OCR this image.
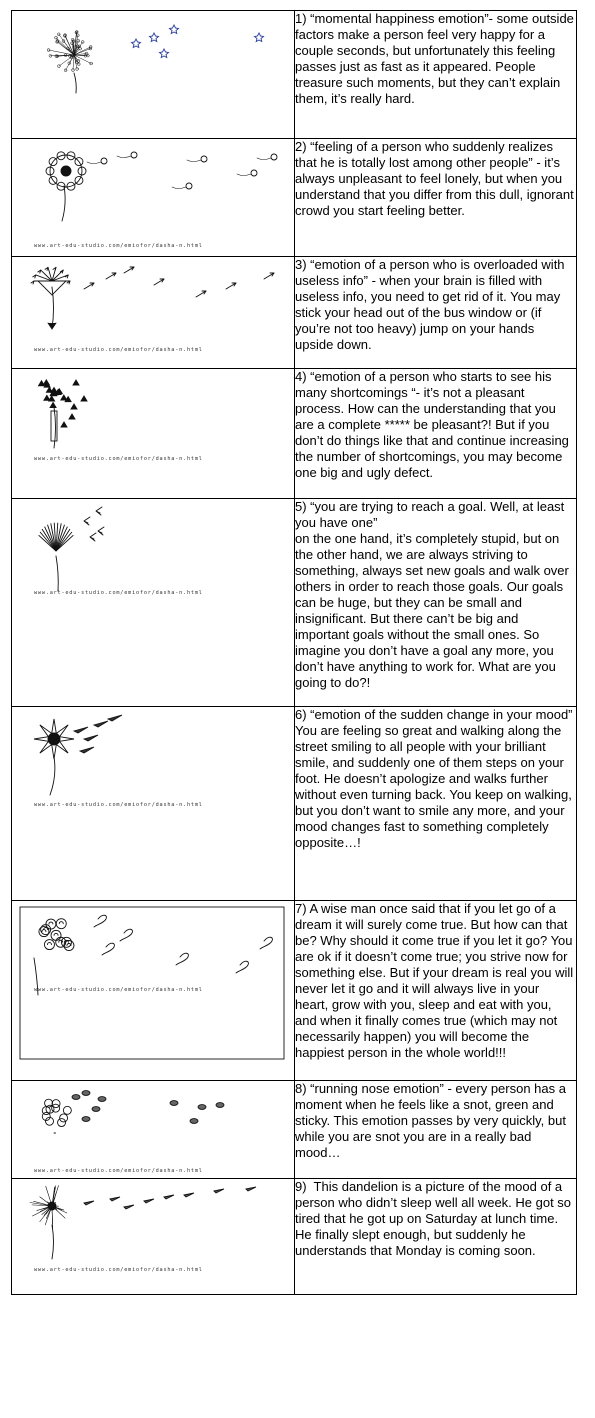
1) “momental happiness emotion”- some outside factors make a person feel very happy for a couple seconds, but unfortunately this feeling passes just as fast as it appeared. People treasure such moments, but they can’t explain them, it’s really hard.

www.art-edu-studio.com/emiofor/dasha-n.html	2) “feeling of a person who suddenly realizes that he is totally lost among other people” - it’s always unpleasant to feel lonely, but when you understand that you differ from this dull, ignorant crowd you start feeling better.

www.art-edu-studio.com/emiofor/dasha-n.html	3) “emotion of a person who is overloaded with useless info” - when your brain is filled with useless info, you need to get rid of it. You may stick your head out of the bus window or (if you’re not too heavy) jump on your hands upside down.

www.art-edu-studio.com/emiofor/dasha-n.html	4) “emotion of a person who starts to see his many shortcomings “- it’s not a pleasant process. How can the understanding that you are a complete ***** be pleasant?! But if you don’t do things like that and continue increasing the number of shortcomings, you may become one big and ugly defect.

www.art-edu-studio.com/emiofor/dasha-n.html	5) “you are trying to reach a goal. Well, at least you have one”

on the one hand, it’s completely stupid, but on the other hand, we are always striving to something, always set new goals and walk over others in order to reach those goals. Our goals can be huge, but they can be small and insignificant. But there can’t be big and important goals without the small ones. So imagine you don’t have a goal any more, you don’t have anything to work for. What are you going to do?!

www.art-edu-studio.com/emiofor/dasha-n.html	6) “emotion of the sudden change in your mood”

You are feeling so great and walking along the street smiling to all people with your brilliant smile, and suddenly one of them steps on your foot. He doesn’t apologize and walks further without even turning back. You keep on walking, but you don’t want to smile any more, and your mood changes fast to something completely opposite…!

www.art-edu-studio.com/emiofor/dasha-n.html	7) A wise man once said that if you let go of a dream it will surely come true. But how can that be? Why should it come true if you let it go? You are ok if it doesn’t come true; you strive now for something else. But if your dream is real you will never let it go and it will always live in your heart, grow with you, sleep and eat with you, and when it finally comes true (which may not necessarily happen) you will become the happiest person in the whole world!!!

www.art-edu-studio.com/emiofor/dasha-n.html	8) “running nose emotion” - every person has a moment when he feels like a snot, green and sticky. This emotion passes by very quickly, but while you are snot you are in a really bad mood…

www.art-edu-studio.com/emiofor/dasha-n.html	9)  This dandelion is a picture of the mood of a person who didn’t sleep well all week. He got so tired that he got up on Saturday at lunch time. He finally slept enough, but suddenly he understands that Monday is coming soon.
